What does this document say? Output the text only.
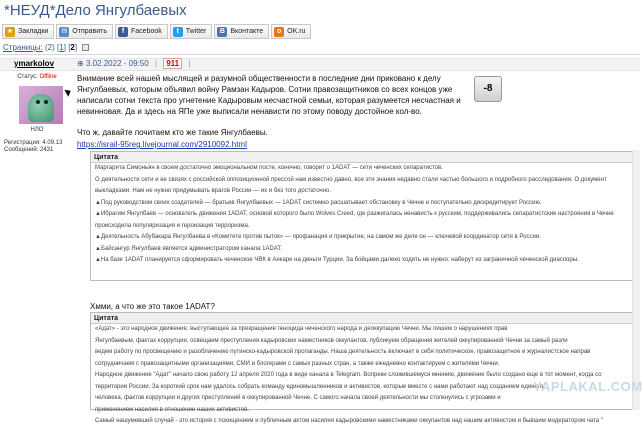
*НЕУД*Дело Янгулбаевых
★ Закладки ✉ Отправить	f Facebook	t Twitter	В Вконтакте	o OK.ru
Страницы: (2) [1] [2]
ymarkolov	⊕ 3.02.2022 - 09:50 | 911 |
Статус: Offline
НЛО
Регистрация: 4.09.13
Сообщений: 2431
Внимание всей нашей мыслящей и разумной общественности в последние дни приковано к делу Янгулбаевых, которым объявил войну Рамзан Кадыров. Сотни правозащитников со всех концов уже написали сотни текста про угнетение Кадыровым несчастной семьи, которая разумеется несчастная и невинновая. Да и здесь на ЯПе уже выписали ненависти по этому поводу достойное кол-во.
-8
Что ж, давайте почитаем кто же такие Янгулбаевы.
https://israil-95reg.livejournal.com/2910092.html
Цитата
Маргарита Симоньян в своем достаточно эмоциональном посте, конечно, говорит о 1ADAT — сети чеченских сепаратистов.
О деятельности сети и ее связях с российской оппозиционной прессой нам известно давно, все эти знания недавно стали частью большого и подробного расследования. О документ
выкладками. Нам не нужно придумывать врагов России — их и без того достаточно.
▲Под руководством своих создателей — братьев Янгулбаевых — 1ADAT системно расшатывает обстановку в Чечне и поступательно дискредитирует Россию.
▲Ибрагим Янгулбаев — основатель движения 1ADAT, основой которого было Wolves Creed, где разжигалась ненависть к русским, поддерживались сепаратистские настроения в Чечне
происходила популяризация и героизация терроризма.
▲Деятельность Абубакара Янгулбаева в «Комитете против пыток» — профанация и прикрытие, на самом же деле он — ключевой координатор сети в России.
▲Байсангур Янгулбаев является администратором канала 1ADAT.
▲На базе 1ADAT планируется сформировать чеченское ЧВК в Анкаре на деньги Турции. За бойцами далеко ходить не нужно: наберут из заграничной чеченской диаспоры.
Хмми, а что же это такое 1ADAT?
Цитата
«Адат» - это народное движение, выступающее за прекращение геноцида чеченского народа и деоккупацию Чечни. Мы пишем о нарушениях прав
Янгулбаевым, фактах коррупции, освещаем преступления кадыровских наместников оккупантов, публикуем обращения жителей оккупированной Чечни за самый разли
ведем работу по просвещению и разоблачению путинско-кадыровской пропаганды. Наша деятельность включает в себя политическое, правозащитное и журналистское направ
сотрудничаем с правозащитными организациями, СМИ и блогерами с самых разных стран, а также ежедневно контактируем с жителями Чечни.
Народное движение "Адат" начало свою работу 12 апреля 2020 года в виде канала в Telegram. Вопреки сложившемуся мнению, движение было создано еще в тот момент, когда со
территории России. За короткий срок нам удалось собрать команду единомышленников и активистов, которые вместе с нами работают над созданием единого
человека, фактов коррупции и других преступлений в оккупированной Чечне. С самого начала своей деятельности мы столкнулись с угрозами и
применением насилия в отношении наших активистов.
Самый нашумевший случай - это история с похищением и публичным актом насилия кадыровскими наместниками оккупантов над нашим активистом и бывшим модератором чата "
YAPLAKAL.COM
